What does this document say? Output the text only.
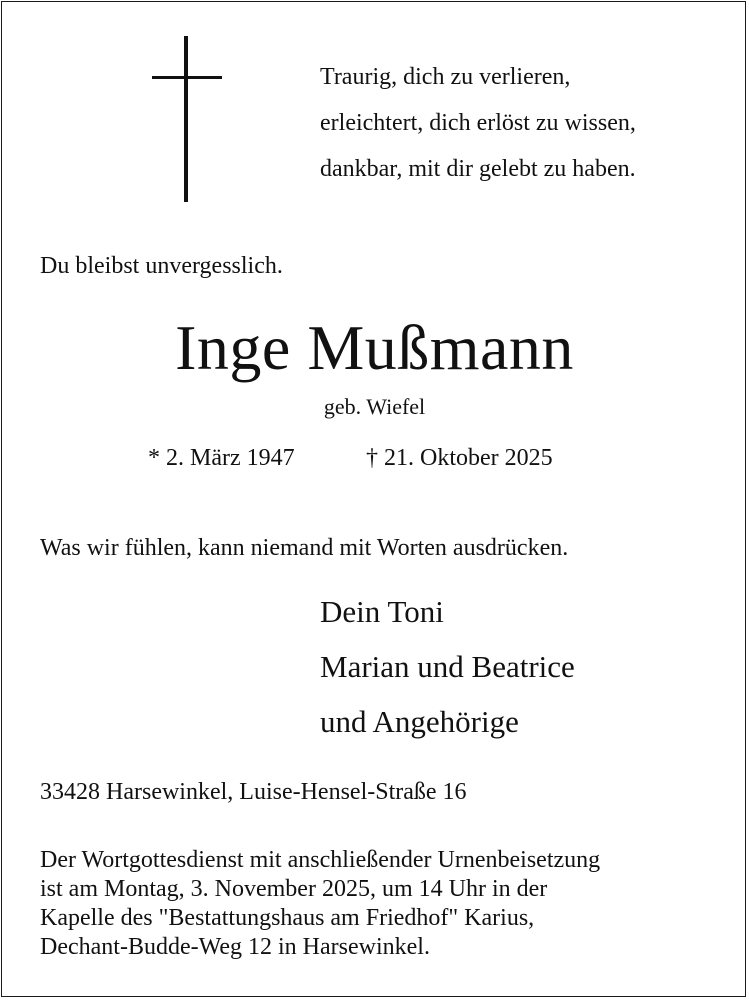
Traurig, dich zu verlieren,
erleichtert, dich erlöst zu wissen,
dankbar, mit dir gelebt zu haben.
Du bleibst unvergesslich.
Inge Mußmann
geb. Wiefel
* 2. März 1947	† 21. Oktober 2025
Was wir fühlen, kann niemand mit Worten ausdrücken.
Dein Toni
Marian und Beatrice
und Angehörige
33428 Harsewinkel, Luise-Hensel-Straße 16
Der Wortgottesdienst mit anschließender Urnenbeisetzung
ist am Montag, 3. November 2025, um 14 Uhr in der
Kapelle des "Bestattungshaus am Friedhof" Karius,
Dechant-Budde-Weg 12 in Harsewinkel.
